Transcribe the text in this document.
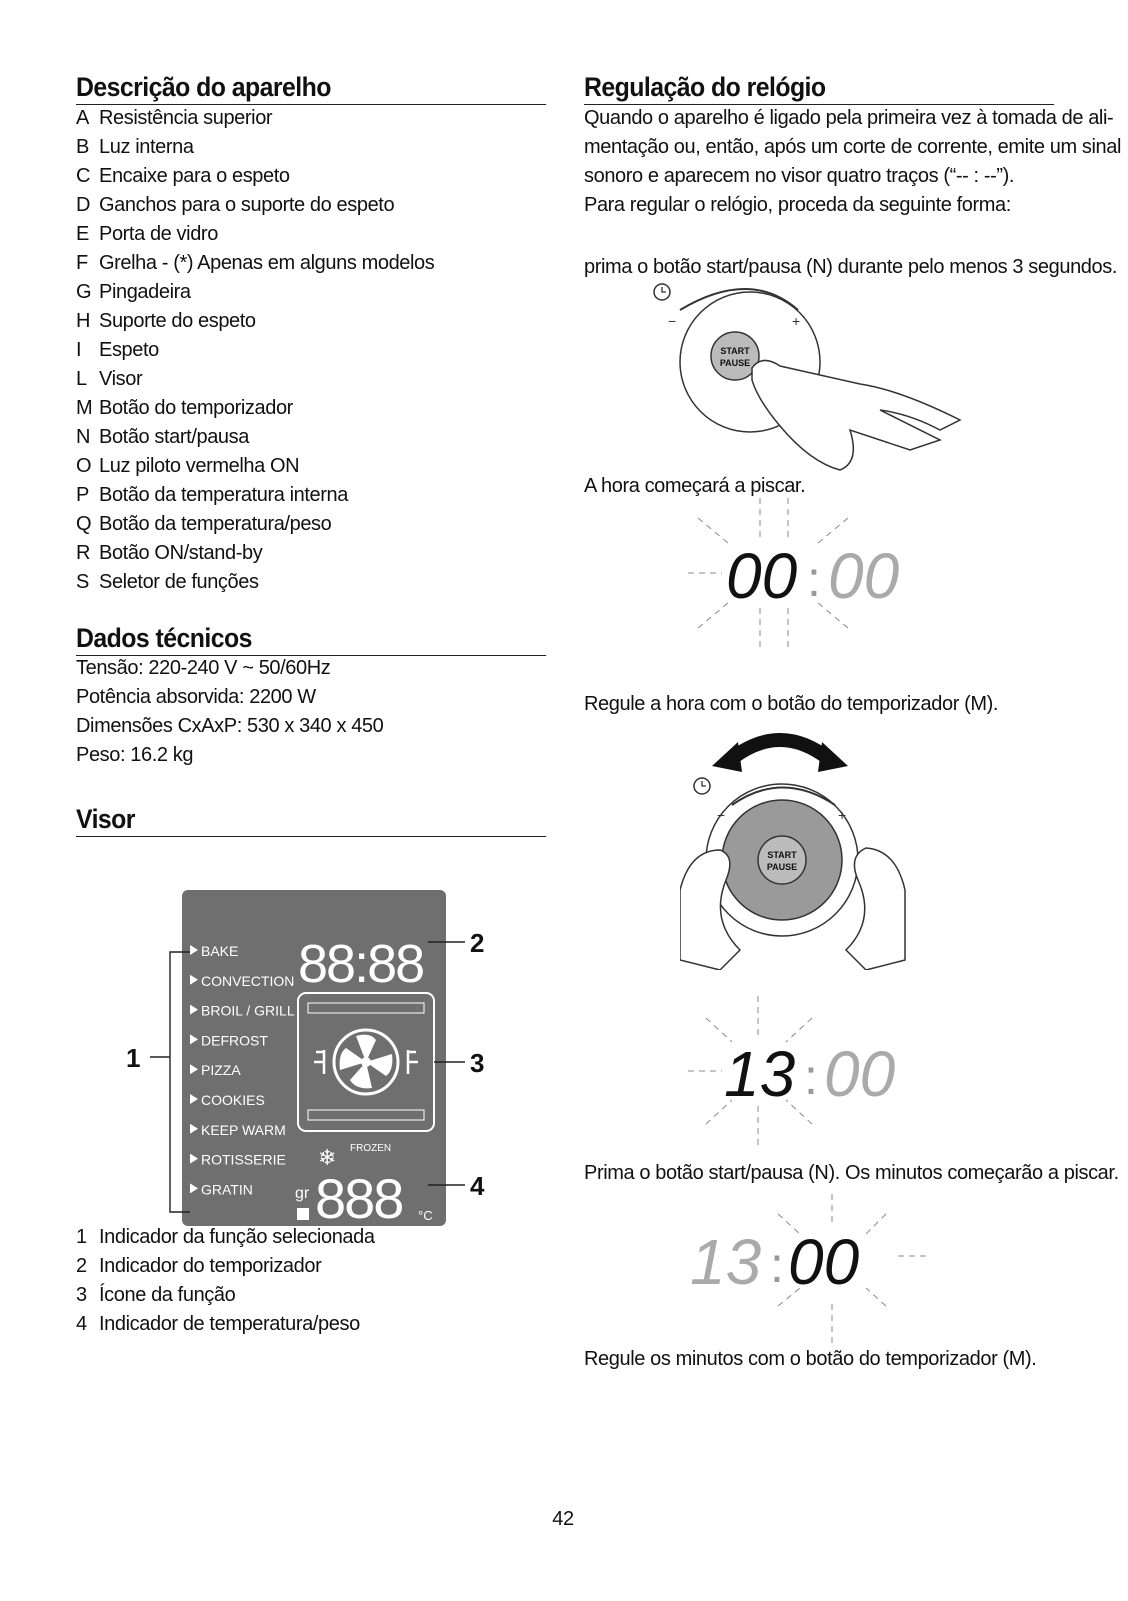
Descrição do aparelho
A Resistência superior
B Luz interna
C Encaixe para o espeto
D Ganchos para o suporte do espeto
E Porta de vidro
F Grelha - (*) Apenas em alguns modelos
G Pingadeira
H Suporte do espeto
I Espeto
L Visor
M Botão do temporizador
N Botão start/pausa
O Luz piloto vermelha ON
P Botão da temperatura interna
Q Botão da temperatura/peso
R Botão ON/stand-by
S Seletor de funções
Dados técnicos
Tensão: 220-240 V ~ 50/60Hz
Potência absorvida: 2200 W
Dimensões CxAxP: 530 x 340 x 450
Peso: 16.2 kg
Visor
1
BAKE
CONVECTION
BROIL / GRILL
DEFROST
PIZZA
COOKIES
KEEP WARM
ROTISSERIE
GRATIN
88:88 2
3
❄ FROZEN
gr 888 °C
4
1 Indicador da função selecionada
2 Indicador do temporizador
3 Ícone da função
4 Indicador de temperatura/peso
Regulação do relógio
Quando o aparelho é ligado pela primeira vez à tomada de ali-
mentação ou, então, após um corte de corrente, emite um sinal
sonoro e aparecem no visor quatro traços (“-- : --”).
Para regular o relógio, proceda da seguinte forma:
prima o botão start/pausa (N) durante pelo menos 3 segundos.
A hora começará a piscar.
Regule a hora com o botão do temporizador (M).
Prima o botão start/pausa (N). Os minutos começarão a piscar.
Regule os minutos com o botão do temporizador (M).
−	+
START
PAUSE
00 : 00
−	+
START
PAUSE
13 : 00
13 : 00
42
